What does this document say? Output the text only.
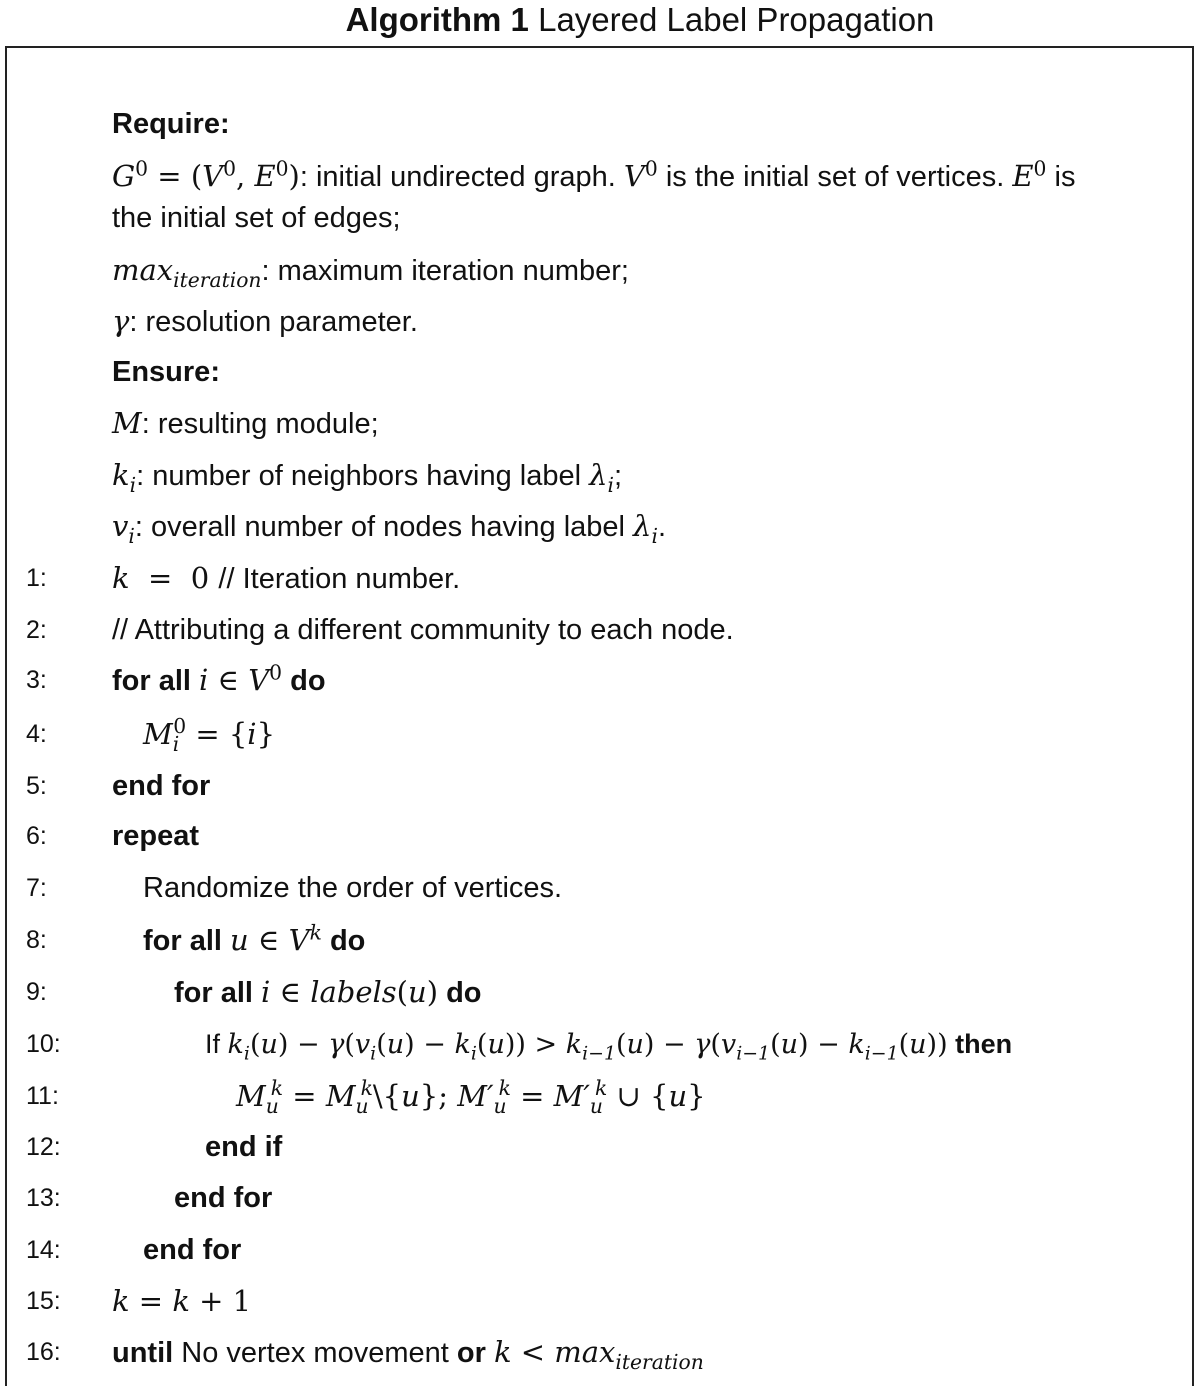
Algorithm 1 Layered Label Propagation
Require:
$G^0 = (V^0$, $E^0$): initial undirected graph. $V^0$ is the initial set of vertices. $E^0$ is
the initial set of edges;
$\max_{iteration}$: maximum iteration number;
γ: resolution parameter.
Ensure:
M: resulting module;
$k_i$: number of neighbors having label $\lambda_i$;
$v_i$: overall number of nodes having label $\lambda_i$.
1: k  =  0 // Iteration number.
2: // Attributing a different community to each node.
3: for all i ∈ $V^0$ do
4:	$M_i^0 = \{i\}$
5: end for
6: repeat
7:	Randomize the order of vertices.
8:	for all u ∈ $V^k$ do
9:	for all i ∈ labels(u) do
10:	If $k_i(u) - \gamma(v_i(u) - k_i(u)) > k_{i-1}(u) - \gamma(v_{i-1}(u) - k_{i-1}(u))$ then
11:	$M_u^k$ = $M_u^k\backslash\{u\}$; $M'_u^k = M'_u^k$ ∪ {u}
12:	end if
13:	end for
14:	end for
15: k = k + 1
16: until No vertex movement or $k < \max_{iteration}$
